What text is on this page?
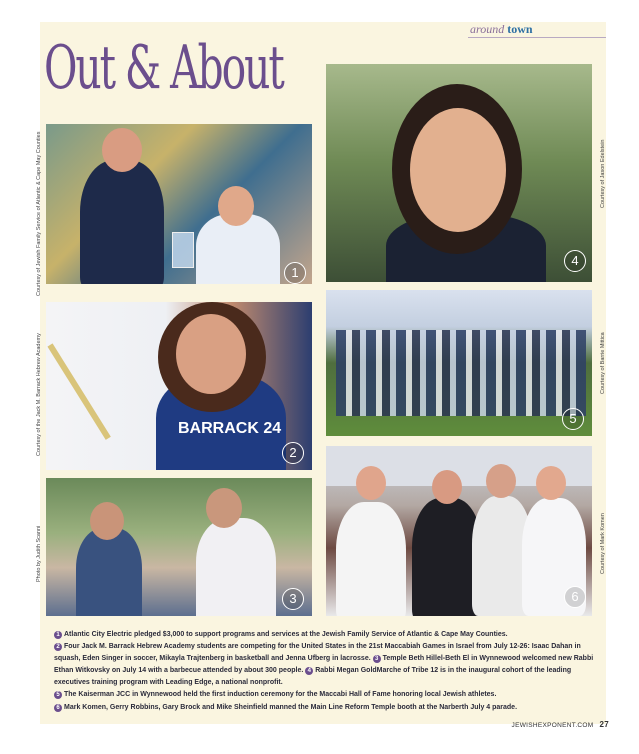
around town
Out & About
1
4
BARRACK 24
2
5
3	6
Courtesy of Jewish Family Service of Atlantic & Cape May Counties
Courtesy of the Jack M. Barrack Hebrew Academy
Photo by Judith Scanni
Courtesy of Jason Edelstein
Courtesy of Barrie Mittica
Courtesy of Mark Komen

1 Atlantic City Electric pledged $3,000 to support programs and services at the Jewish Family Service of Atlantic & Cape May Counties.

2 Four Jack M. Barrack Hebrew Academy students are competing for the United States in the 21st Maccabiah Games in Israel from July 12-26: Isaac Dahan in squash, Eden Singer in soccer, Mikayla Trajtenberg in basketball and Jenna Ufberg in lacrosse. 3 Temple Beth Hillel-Beth El in Wynnewood welcomed new Rabbi Ethan Witkovsky on July 14 with a barbecue attended by about 300 people. 4 Rabbi Megan GoldMarche of Tribe 12 is in the inaugural cohort of the leading executives training program with Leading Edge, a national nonprofit.

5 The Kaiserman JCC in Wynnewood held the first induction ceremony for the Maccabi Hall of Fame honoring local Jewish athletes.

6 Mark Komen, Gerry Robbins, Gary Brock and Mike Sheinfield manned the Main Line Reform Temple booth at the Narberth July 4 parade.

JEWISHEXPONENT.COM 27
